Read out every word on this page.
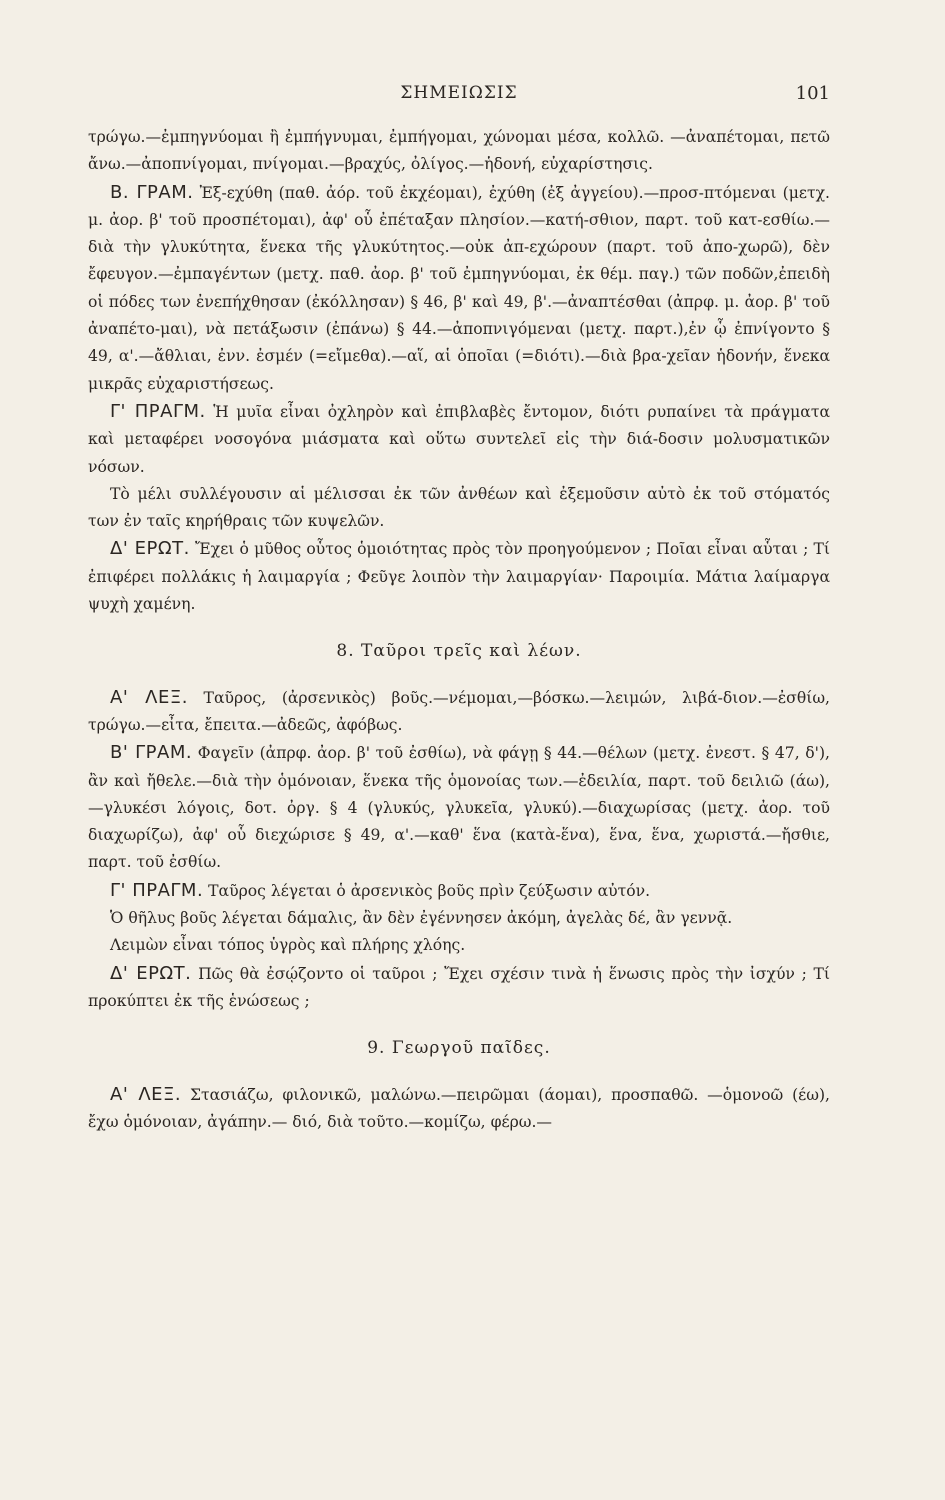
ΣΗΜΕΙΩΣΙΣ	101

τρώγω.—ἐμπηγνύομαι ἢ ἐμπήγνυμαι, ἐμπήγομαι, χώνομαι μέσα, κολλῶ. —ἀναπέτομαι, πετῶ ἄνω.—ἀποπνίγομαι, πνίγομαι.—βραχύς, ὀλίγος.—ἡδονή, εὐχαρίστησις.

Β. ΓΡΑΜ. Ἐξ-εχύθη (παθ. ἀόρ. τοῦ ἐκχέομαι), ἐχύθη (ἐξ ἀγγείου).—προσ-πτόμεναι (μετχ. μ. ἀορ. β' τοῦ προσπέτομαι), ἀφ' οὗ ἐπέταξαν πλησίον.—κατή-σθιον, παρτ. τοῦ κατ-εσθίω.—διὰ τὴν γλυκύτητα, ἕνεκα τῆς γλυκύτητος.—οὐκ ἀπ-εχώρουν (παρτ. τοῦ ἀπο-χωρῶ), δὲν ἔφευγον.—ἐμπαγέντων (μετχ. παθ. ἀορ. β' τοῦ ἐμπηγνύομαι, ἐκ θέμ. παγ.) τῶν ποδῶν,ἐπειδὴ οἱ πόδες των ἐνεπήχθησαν (ἐκόλλησαν) § 46, β' καὶ 49, β'.—ἀναπτέσθαι (ἀπρφ. μ. ἀορ. β' τοῦ ἀναπέτο-μαι), νὰ πετάξωσιν (ἐπάνω) § 44.—ἀποπνιγόμεναι (μετχ. παρτ.),ἐν ᾧ ἐπνίγοντο § 49, α'.—ἄθλιαι, ἐνν. ἐσμέν (=εἴμεθα).—αἵ, αἱ ὁποῖαι (=διότι).—διὰ βρα-χεῖαν ἡδονήν, ἕνεκα μικρᾶς εὐχαριστήσεως.

Γ' ΠΡΑΓΜ. Ἡ μυῖα εἶναι ὀχληρὸν καὶ ἐπιβλαβὲς ἔντομον, διότι ρυπαίνει τὰ πράγματα καὶ μεταφέρει νοσογόνα μιάσματα καὶ οὕτω συντελεῖ εἰς τὴν διά-δοσιν μολυσματικῶν νόσων.

Τὸ μέλι συλλέγουσιν αἱ μέλισσαι ἐκ τῶν ἀνθέων καὶ ἐξεμοῦσιν αὐτὸ ἐκ τοῦ στόματός των ἐν ταῖς κηρήθραις τῶν κυψελῶν.

Δ' ΕΡΩΤ. Ἔχει ὁ μῦθος οὗτος ὁμοιότητας πρὸς τὸν προηγούμενον ; Ποῖαι εἶναι αὗται ; Τί ἐπιφέρει πολλάκις ἡ λαιμαργία ; Φεῦγε λοιπὸν τὴν λαιμαργίαν· Παροιμία. Μάτια λαίμαργα ψυχὴ χαμένη.

8. Ταῦροι τρεῖς καὶ λέων.

Α' ΛΕΞ. Ταῦρος, (ἀρσενικὸς) βοῦς.—νέμομαι,—βόσκω.—λειμών, λιβά-διον.—ἐσθίω, τρώγω.—εἶτα, ἔπειτα.—ἀδεῶς, ἀφόβως.

Β' ΓΡΑΜ. Φαγεῖν (ἀπρφ. ἀορ. β' τοῦ ἐσθίω), νὰ φάγῃ § 44.—θέλων (μετχ. ἐνεστ. § 47, δ'), ἂν καὶ ἤθελε.—διὰ τὴν ὁμόνοιαν, ἕνεκα τῆς ὁμονοίας των.—ἐδειλία, παρτ. τοῦ δειλιῶ (άω),—γλυκέσι λόγοις, δοτ. ὀργ. § 4 (γλυκύς, γλυκεῖα, γλυκύ).—διαχωρίσας (μετχ. ἀορ. τοῦ διαχωρίζω), ἀφ' οὗ διεχώρισε § 49, α'.—καθ' ἕνα (κατὰ-ἕνα), ἕνα, ἕνα, χωριστά.—ἤσθιε, παρτ. τοῦ ἐσθίω.

Γ' ΠΡΑΓΜ. Ταῦρος λέγεται ὁ ἀρσενικὸς βοῦς πρὶν ζεύξωσιν αὐτόν.

Ὁ θῆλυς βοῦς λέγεται δάμαλις, ἂν δὲν ἐγέννησεν ἀκόμη, ἀγελὰς δέ, ἂν γεννᾷ.

Λειμὼν εἶναι τόπος ὑγρὸς καὶ πλήρης χλόης.

Δ' ΕΡΩΤ. Πῶς θὰ ἐσῴζοντο οἱ ταῦροι ; Ἔχει σχέσιν τινὰ ἡ ἕνωσις πρὸς τὴν ἰσχύν ; Τί προκύπτει ἐκ τῆς ἑνώσεως ;

9. Γεωργοῦ παῖδες.

Α' ΛΕΞ. Στασιάζω, φιλονικῶ, μαλώνω.—πειρῶμαι (άομαι), προσπαθῶ. —ὁμονοῶ (έω), ἔχω ὁμόνοιαν, ἀγάπην.— διό, διὰ τοῦτο.—κομίζω, φέρω.—
